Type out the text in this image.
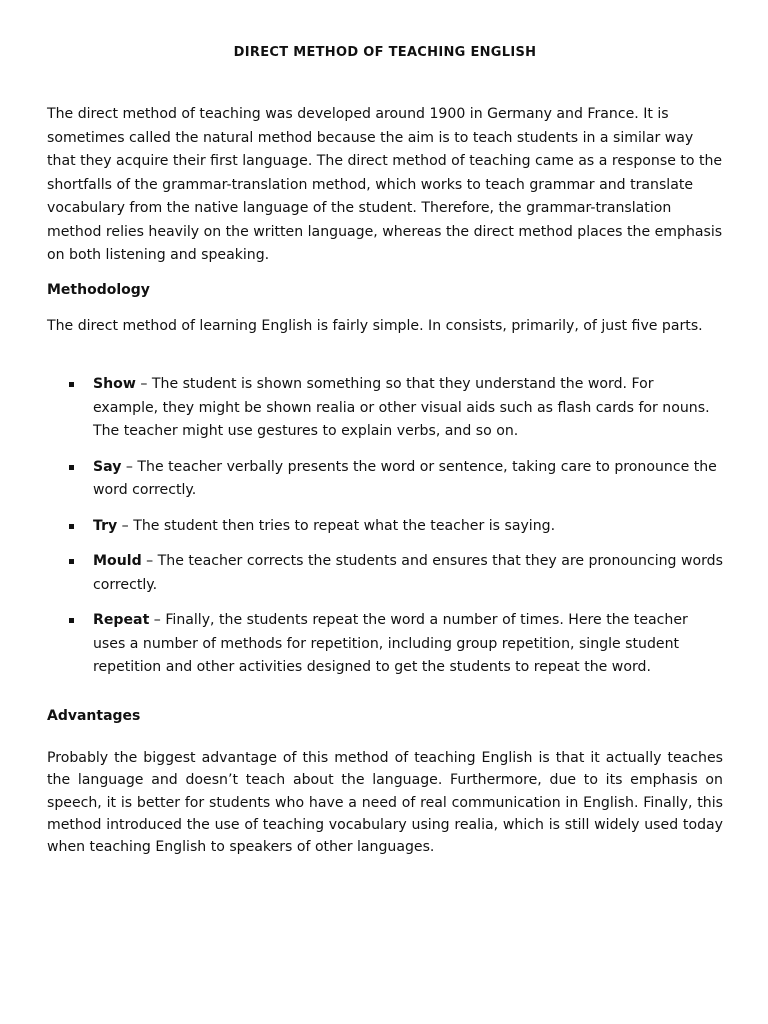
DIRECT METHOD OF TEACHING ENGLISH

The direct method of teaching was developed around 1900 in Germany and France. It is sometimes called the natural method because the aim is to teach students in a similar way that they acquire their first language. The direct method of teaching came as a response to the shortfalls of the grammar-translation method, which works to teach grammar and translate vocabulary from the native language of the student. Therefore, the grammar-translation method relies heavily on the written language, whereas the direct method places the emphasis on both listening and speaking.

Methodology

The direct method of learning English is fairly simple. In consists, primarily, of just five parts.

Show – The student is shown something so that they understand the word. For example, they might be shown realia or other visual aids such as flash cards for nouns. The teacher might use gestures to explain verbs, and so on.
Say – The teacher verbally presents the word or sentence, taking care to pronounce the word correctly.
Try – The student then tries to repeat what the teacher is saying.
Mould – The teacher corrects the students and ensures that they are pronouncing words correctly.
Repeat – Finally, the students repeat the word a number of times. Here the teacher uses a number of methods for repetition, including group repetition, single student repetition and other activities designed to get the students to repeat the word.
Advantages

Probably the biggest advantage of this method of teaching English is that it actually teaches the language and doesn’t teach about the language. Furthermore, due to its emphasis on speech, it is better for students who have a need of real communication in English. Finally, this method introduced the use of teaching vocabulary using realia, which is still widely used today when teaching English to speakers of other languages.
